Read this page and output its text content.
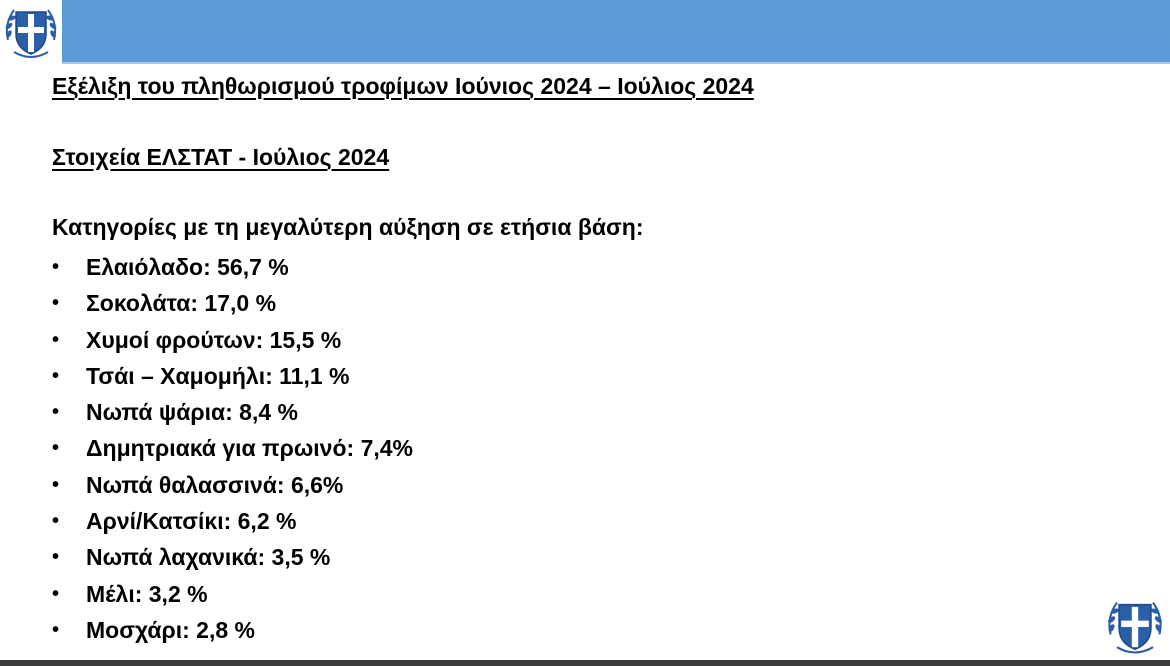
Εξέλιξη του πληθωρισμού τροφίμων Ιούνιος 2024 – Ιούλιος 2024
Στοιχεία ΕΛΣΤΑΤ - Ιούλιος 2024

Κατηγορίες με τη μεγαλύτερη αύξηση σε ετήσια βάση:

• Ελαιόλαδο: 56,7 %
• Σοκολάτα: 17,0 %
• Χυμοί φρούτων: 15,5 %
• Τσάι – Χαμομήλι: 11,1 %
• Νωπά ψάρια: 8,4 %
• Δημητριακά για πρωινό: 7,4%
• Νωπά θαλασσινά: 6,6%
• Αρνί/Κατσίκι: 6,2 %
• Νωπά λαχανικά: 3,5 %
• Μέλι: 3,2 %
• Μοσχάρι: 2,8 %
